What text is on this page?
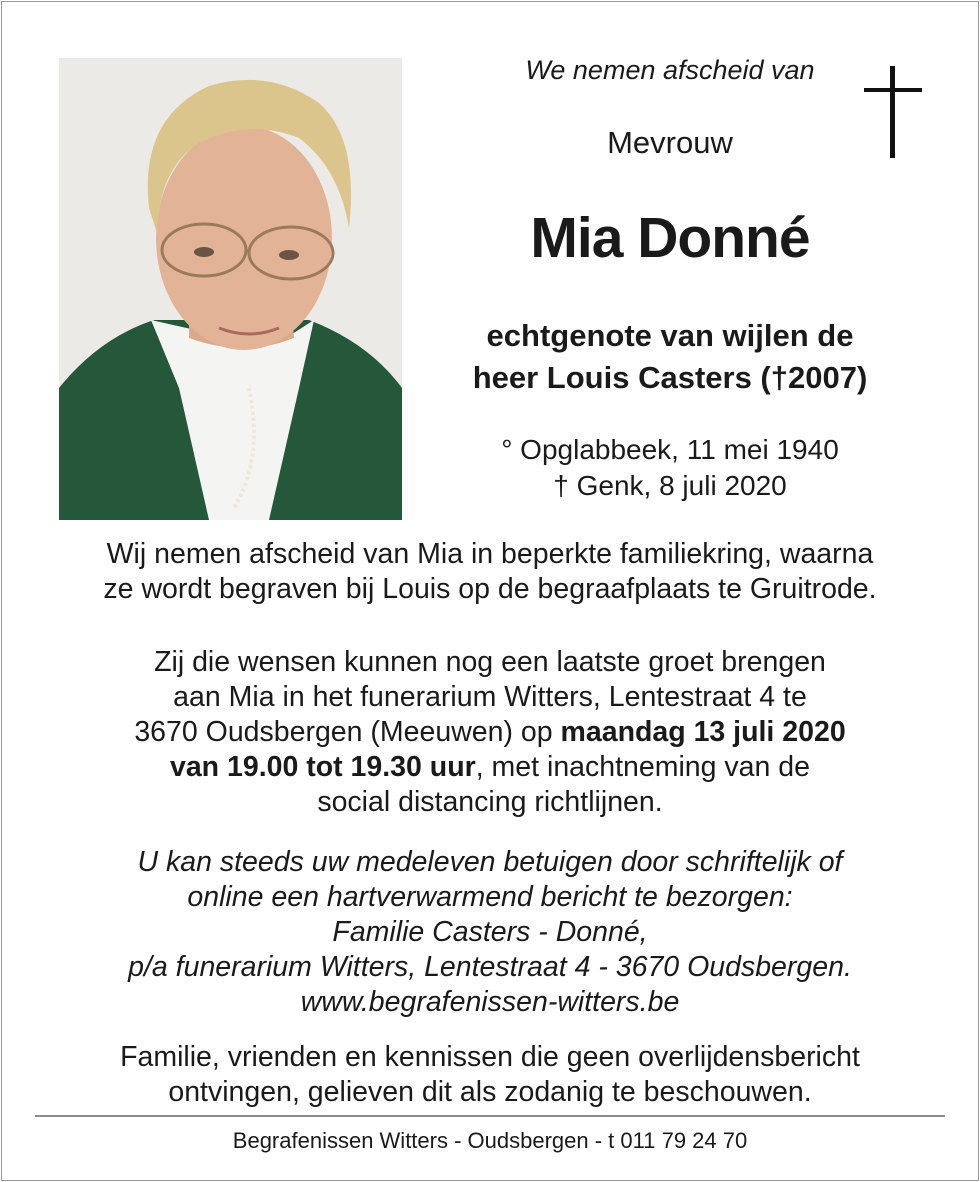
We nemen afscheid van
Mevrouw
Mia Donné
echtgenote van wijlen de
heer Louis Casters (†2007)
° Opglabbeek, 11 mei 1940
† Genk, 8 juli 2020
Wij nemen afscheid van Mia in beperkte familiekring, waarna
ze wordt begraven bij Louis op de begraafplaats te Gruitrode.
Zij die wensen kunnen nog een laatste groet brengen
aan Mia in het funerarium Witters, Lentestraat 4 te
3670 Oudsbergen (Meeuwen) op maandag 13 juli 2020
van 19.00 tot 19.30 uur, met inachtneming van de
social distancing richtlijnen.
U kan steeds uw medeleven betuigen door schriftelijk of
online een hartverwarmend bericht te bezorgen:
Familie Casters - Donné,
p/a funerarium Witters, Lentestraat 4 - 3670 Oudsbergen.
www.begrafenissen-witters.be
Familie, vrienden en kennissen die geen overlijdensbericht
ontvingen, gelieven dit als zodanig te beschouwen.
Begrafenissen Witters - Oudsbergen - t 011 79 24 70
